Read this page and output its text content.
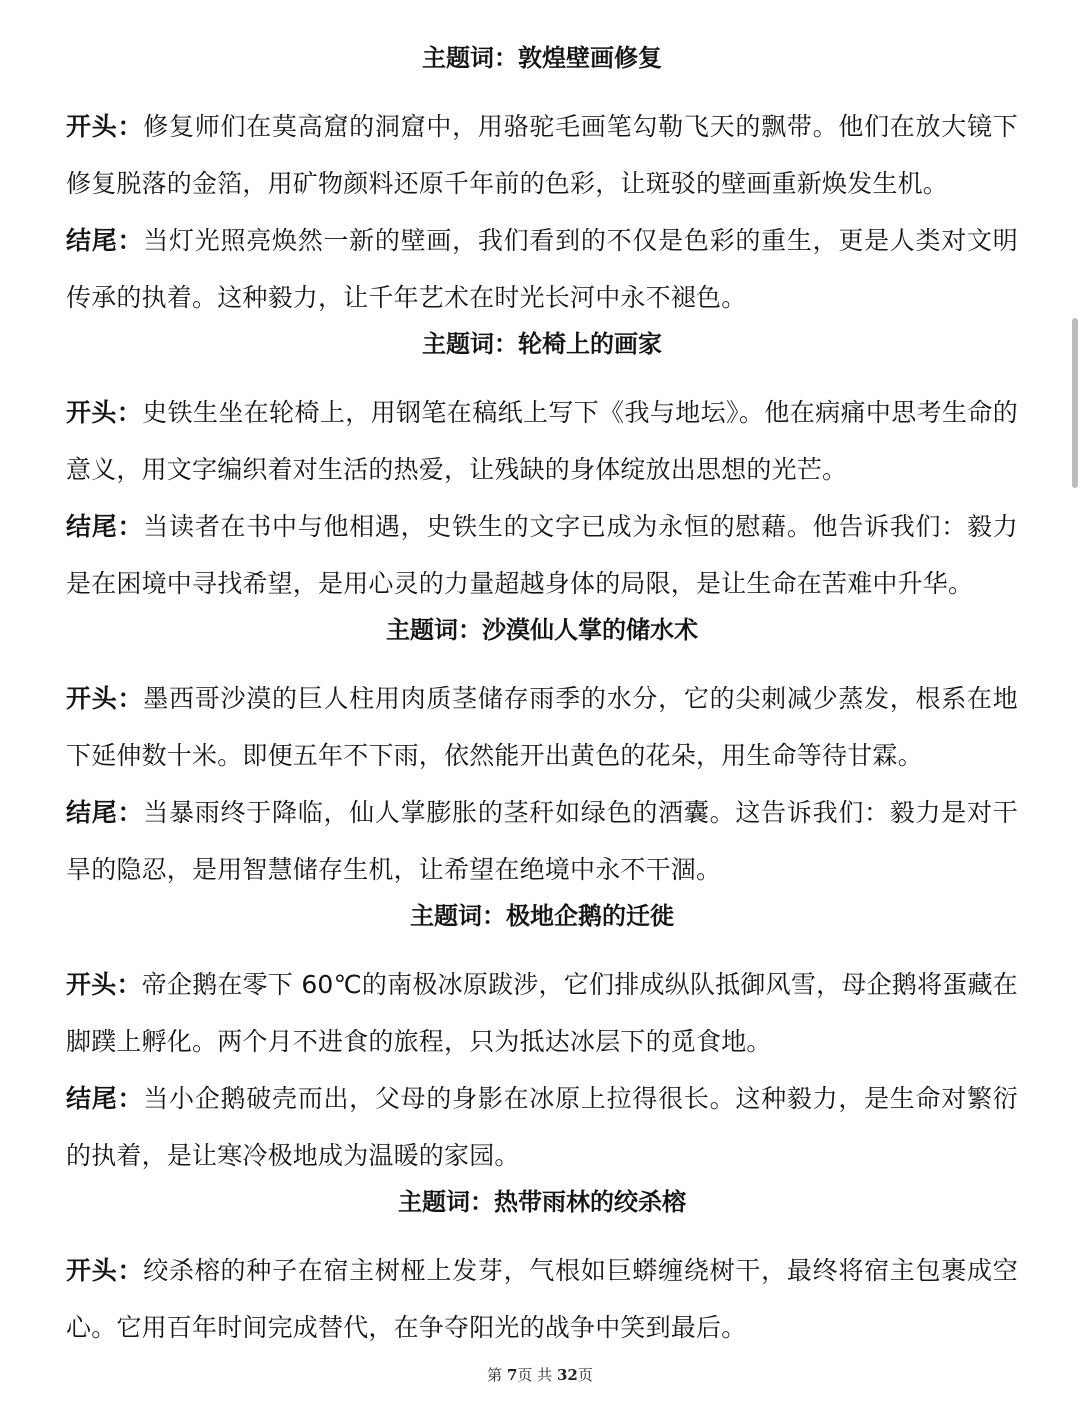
主题词：敦煌壁画修复

开头：修复师们在莫高窟的洞窟中，用骆驼毛画笔勾勒飞天的飘带。他们在放大镜下修复脱落的金箔，用矿物颜料还原千年前的色彩，让斑驳的壁画重新焕发生机。

结尾：当灯光照亮焕然一新的壁画，我们看到的不仅是色彩的重生，更是人类对文明传承的执着。这种毅力，让千年艺术在时光长河中永不褪色。

主题词：轮椅上的画家

开头：史铁生坐在轮椅上，用钢笔在稿纸上写下《我与地坛》。他在病痛中思考生命的意义，用文字编织着对生活的热爱，让残缺的身体绽放出思想的光芒。

结尾：当读者在书中与他相遇，史铁生的文字已成为永恒的慰藉。他告诉我们：毅力是在困境中寻找希望，是用心灵的力量超越身体的局限，是让生命在苦难中升华。

主题词：沙漠仙人掌的储水术

开头：墨西哥沙漠的巨人柱用肉质茎储存雨季的水分，它的尖刺减少蒸发，根系在地下延伸数十米。即便五年不下雨，依然能开出黄色的花朵，用生命等待甘霖。

结尾：当暴雨终于降临，仙人掌膨胀的茎秆如绿色的酒囊。这告诉我们：毅力是对干旱的隐忍，是用智慧储存生机，让希望在绝境中永不干涸。

主题词：极地企鹅的迁徙

开头：帝企鹅在零下 60℃的南极冰原跋涉，它们排成纵队抵御风雪，母企鹅将蛋藏在脚蹼上孵化。两个月不进食的旅程，只为抵达冰层下的觅食地。

结尾：当小企鹅破壳而出，父母的身影在冰原上拉得很长。这种毅力，是生命对繁衍的执着，是让寒冷极地成为温暖的家园。

主题词：热带雨林的绞杀榕

开头：绞杀榕的种子在宿主树桠上发芽，气根如巨蟒缠绕树干，最终将宿主包裹成空心。它用百年时间完成替代，在争夺阳光的战争中笑到最后。

第 7页 共 32页
